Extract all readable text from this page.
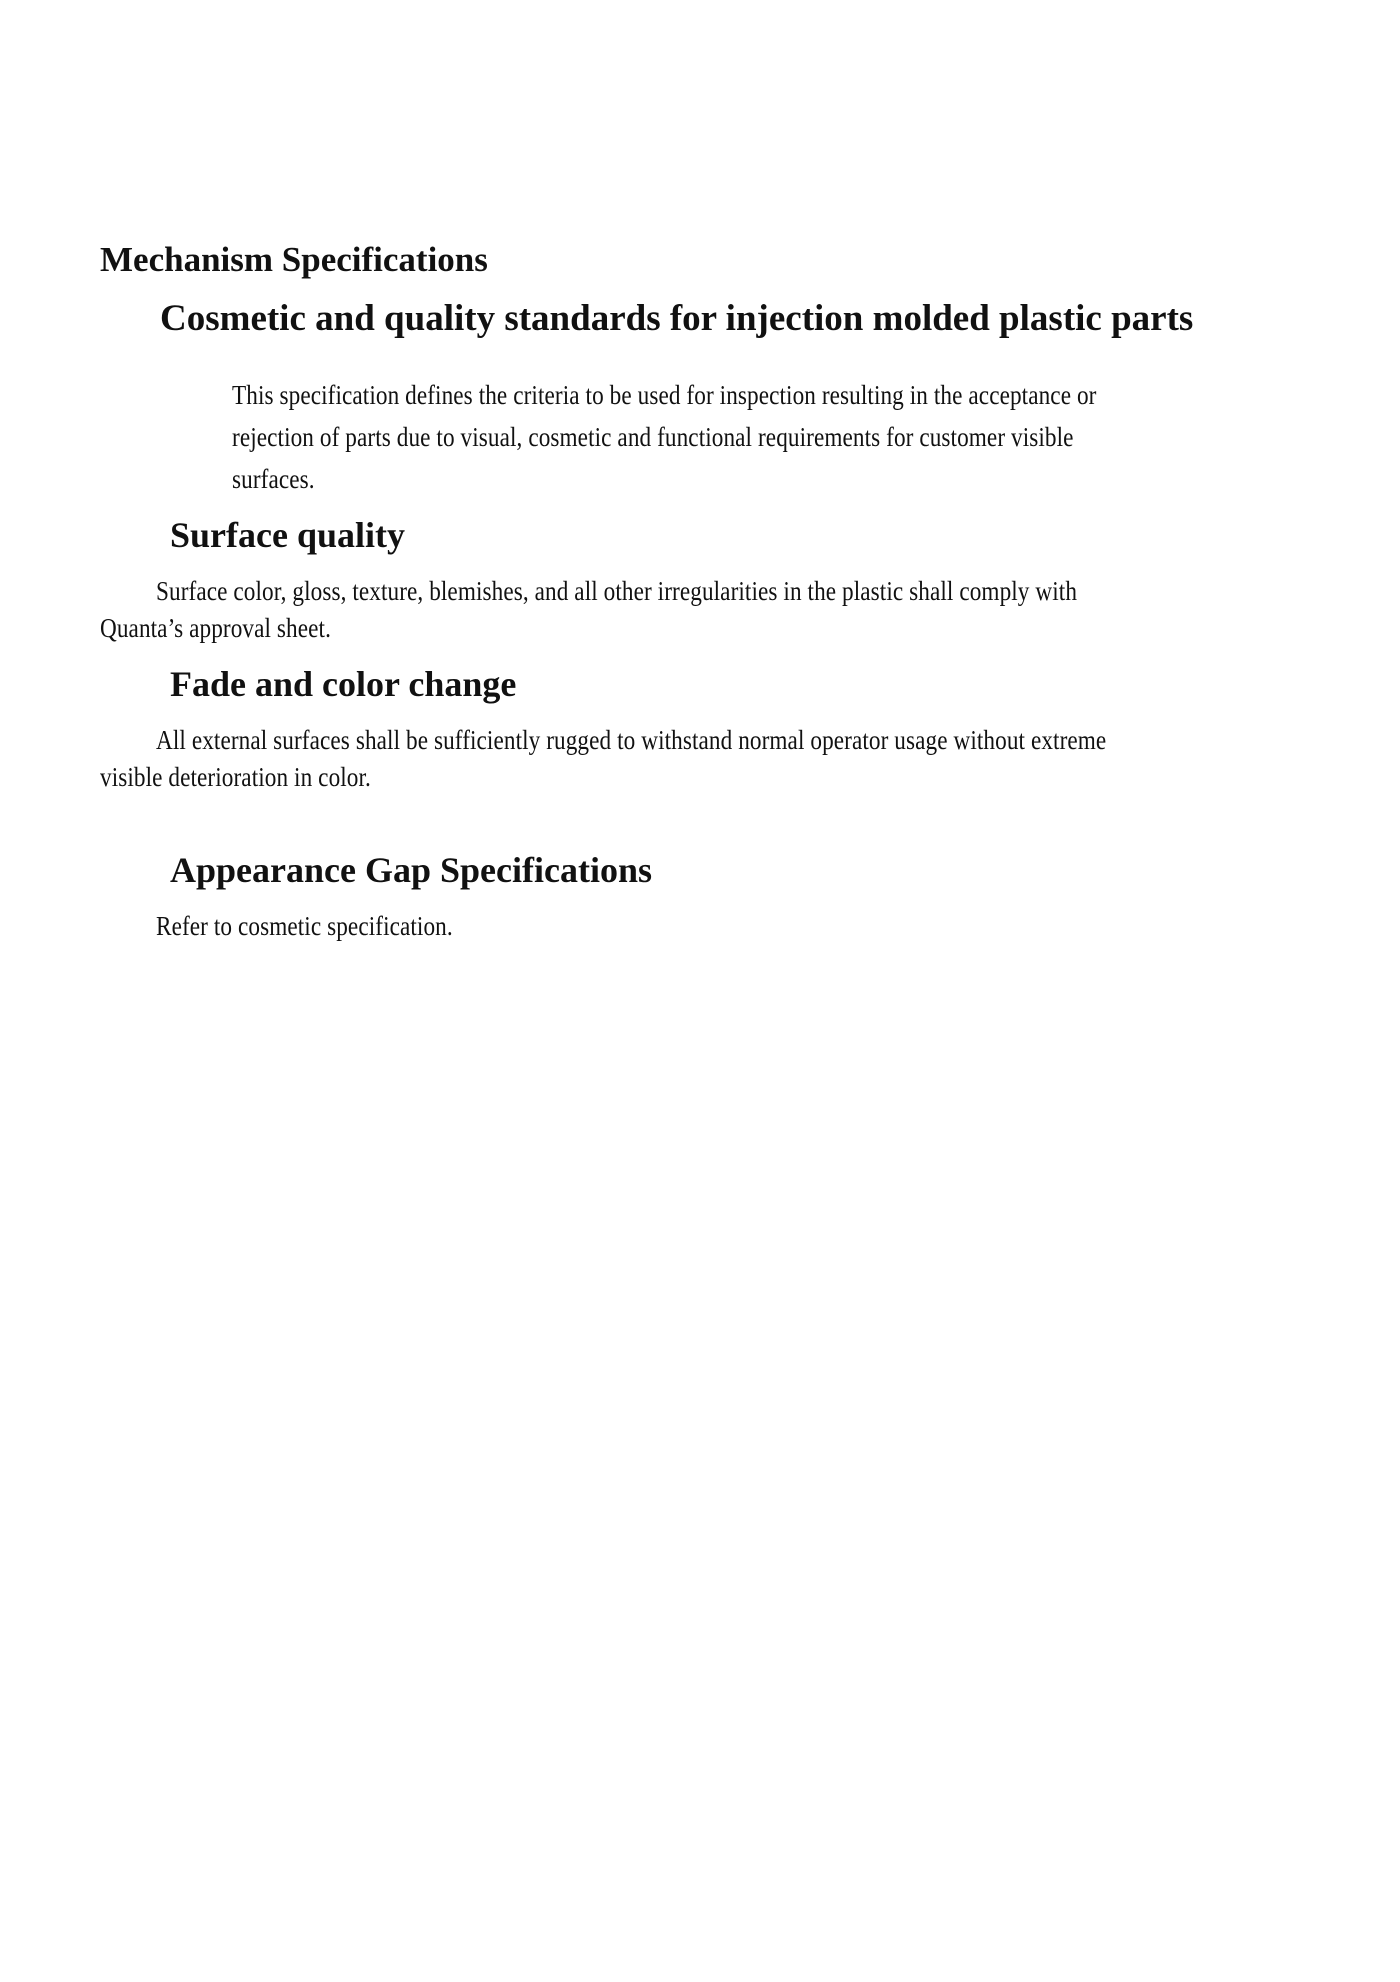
Mechanism Specifications
Cosmetic and quality standards for injection molded plastic parts

This specification defines the criteria to be used for inspection resulting in the acceptance or

rejection of parts due to visual, cosmetic and functional requirements for customer visible

surfaces.

Surface quality

Surface color, gloss, texture, blemishes, and all other irregularities in the plastic shall comply with

Quanta’s approval sheet.

Fade and color change

All external surfaces shall be sufficiently rugged to withstand normal operator usage without extreme

visible deterioration in color.

Appearance Gap Specifications

Refer to cosmetic specification.
